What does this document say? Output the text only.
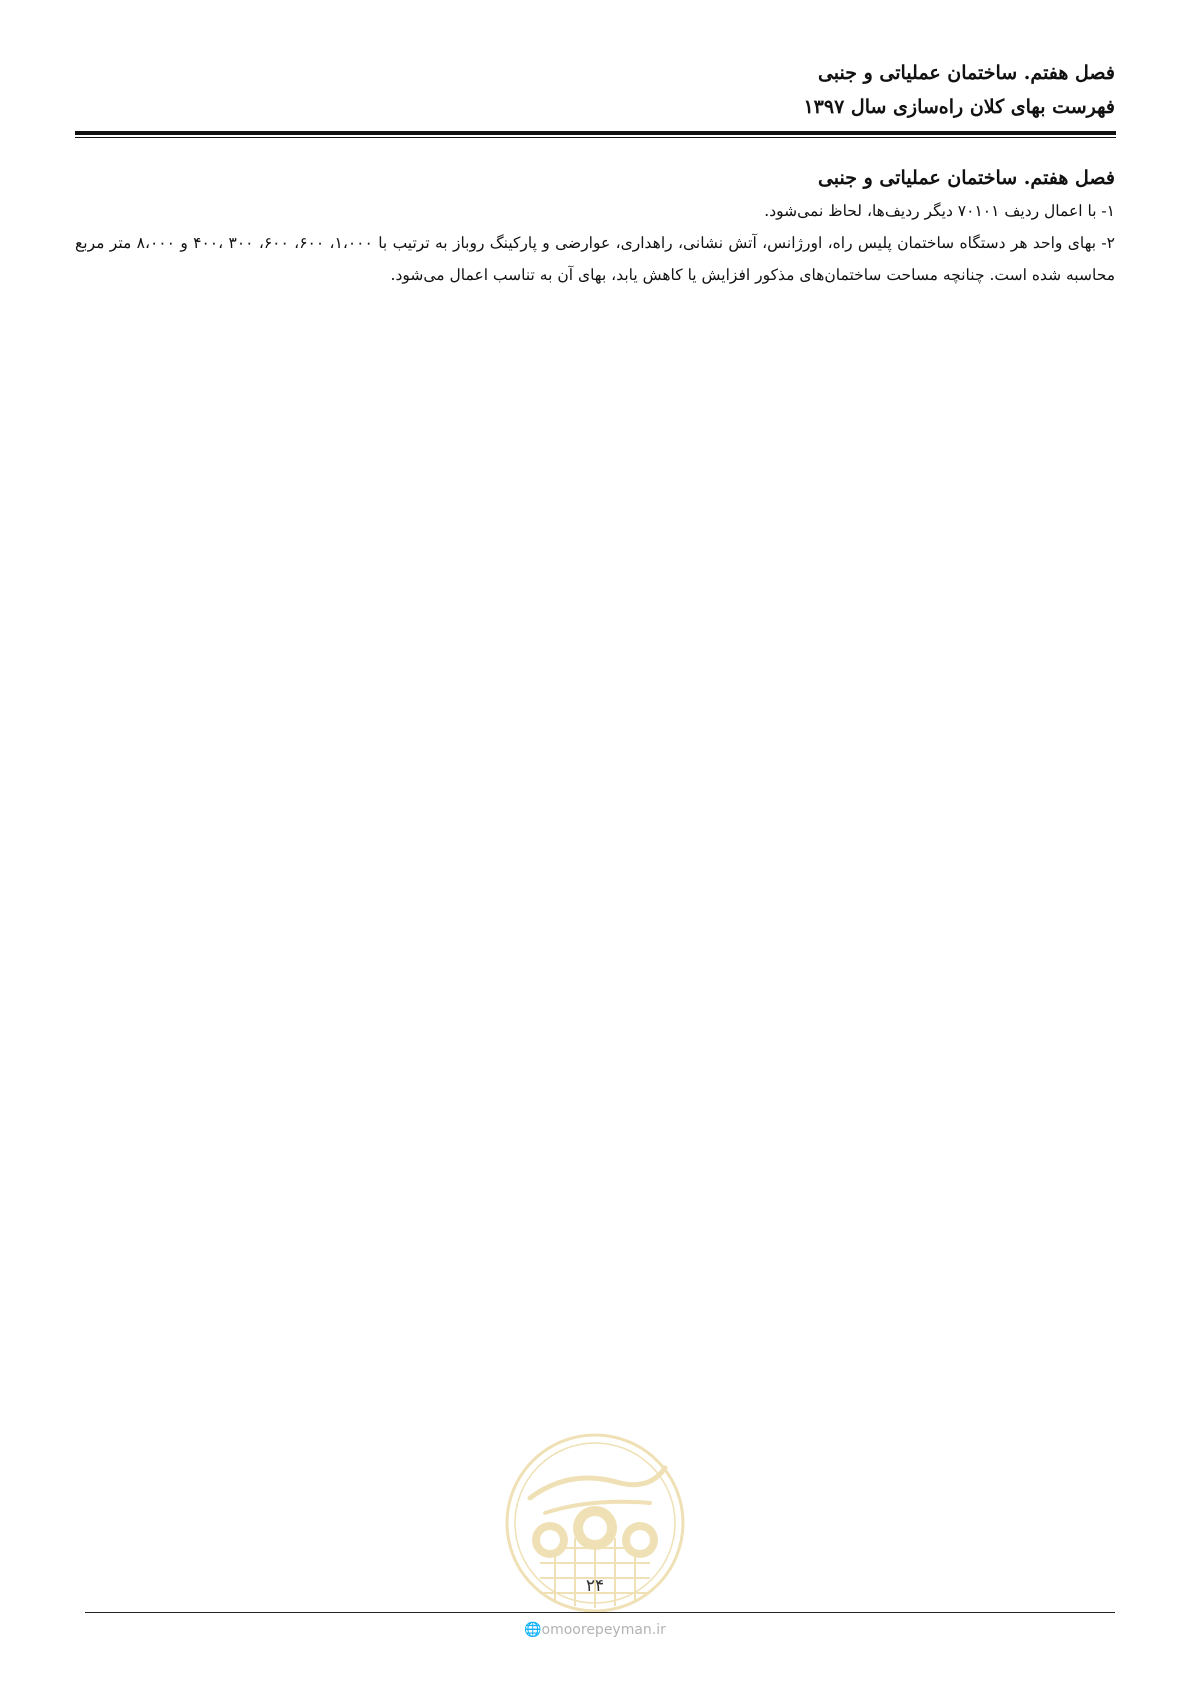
فصل هفتم. ساختمان عملیاتی و جنبی

فهرست بهای کلان راه‌سازی سال ۱۳۹۷

فصل هفتم. ساختمان عملیاتی و جنبی

۱- با اعمال ردیف ۷۰۱۰۱ دیگر ردیف‌ها، لحاظ نمی‌شود.

۲- بهای واحد هر دستگاه ساختمان پلیس راه، اورژانس، آتش نشانی، راهداری، عوارضی و پارکینگ روباز به ترتیب با ۱،۰۰۰، ۶۰۰، ۶۰۰، ۳۰۰ ،۴۰۰ و ۸،۰۰۰ متر مربع محاسبه شده است. چنانچه مساحت ساختمان‌های مذکور افزایش یا کاهش یابد، بهای آن به تناسب اعمال می‌شود.

۲۴
🌐omoorepeyman.ir
